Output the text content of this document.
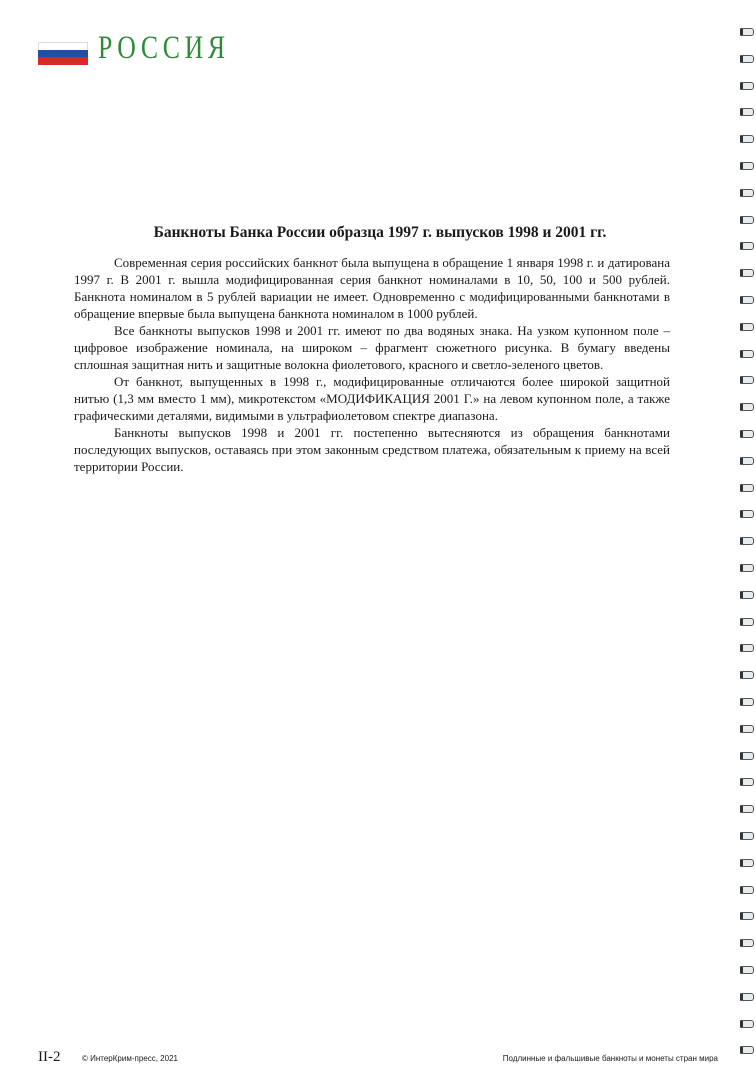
РОССИЯ
Банкноты Банка России образца 1997 г. выпусков 1998 и 2001 гг.

Современная серия российских банкнот была выпущена в обращение 1 января 1998 г. и датирована 1997 г. В 2001 г. вышла модифицированная серия банкнот номиналами в 10, 50, 100 и 500 рублей. Банкнота номиналом в 5 рублей вариации не имеет. Одновременно с модифицированными банкнотами в обращение впервые была выпущена банкнота номиналом в 1000 рублей.

Все банкноты выпусков 1998 и 2001 гг. имеют по два водяных знака. На узком купонном поле – цифровое изображение номинала, на широком – фрагмент сюжетного рисунка. В бумагу введены сплошная защитная нить и защитные волокна фиолетового, красного и светло-зеленого цветов.

От банкнот, выпущенных в 1998 г., модифицированные отличаются более широкой защитной нитью (1,3 мм вместо 1 мм), микротекстом «МОДИФИКАЦИЯ 2001 Г.» на левом купонном поле, а также графическими деталями, видимыми в ультрафиолетовом спектре диапазона.

Банкноты выпусков 1998 и 2001 гг. постепенно вытесняются из обращения банкнотами последующих выпусков, оставаясь при этом законным средством платежа, обязательным к приему на всей территории России.

II-2	© ИнтерКрим-пресс, 2021	Подлинные и фальшивые банкноты и монеты стран мира
